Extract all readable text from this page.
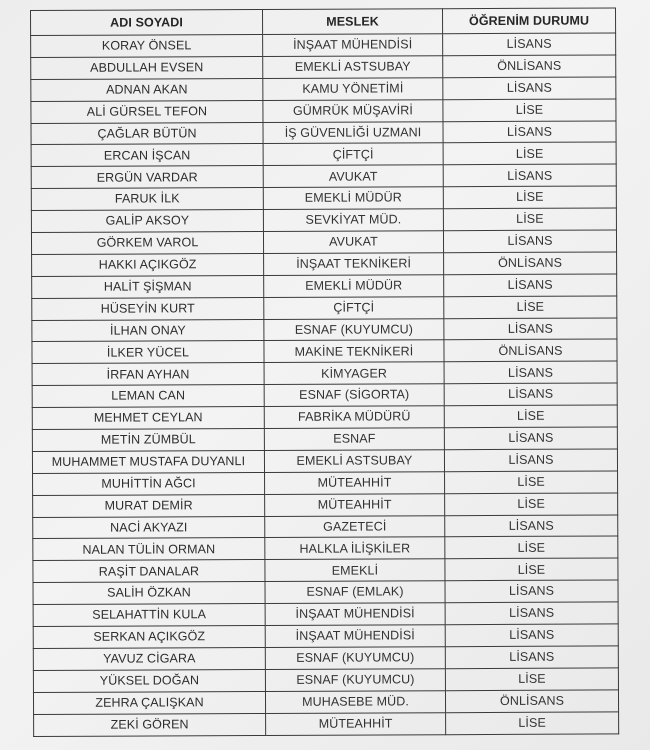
ADI SOYADI	MESLEK	ÖĞRENİM DURUMU
KORAY ÖNSEL	İNŞAAT MÜHENDİSİ	LİSANS
ABDULLAH EVSEN	EMEKLİ ASTSUBAY	ÖNLİSANS
ADNAN AKAN	KAMU YÖNETİMİ	LİSANS
ALİ GÜRSEL TEFON	GÜMRÜK MÜŞAVİRİ	LİSE
ÇAĞLAR BÜTÜN	İŞ GÜVENLİĞİ UZMANI	LİSANS
ERCAN İŞCAN	ÇİFTÇİ	LİSE
ERGÜN VARDAR	AVUKAT	LİSANS
FARUK İLK	EMEKLİ MÜDÜR	LİSE
GALİP AKSOY	SEVKİYAT MÜD.	LİSE
GÖRKEM VAROL	AVUKAT	LİSANS
HAKKI AÇIKGÖZ	İNŞAAT TEKNİKERİ	ÖNLİSANS
HALİT ŞİŞMAN	EMEKLİ MÜDÜR	LİSANS
HÜSEYİN KURT	ÇİFTÇİ	LİSE
İLHAN ONAY	ESNAF (KUYUMCU)	LİSANS
İLKER YÜCEL	MAKİNE TEKNİKERİ	ÖNLİSANS
İRFAN AYHAN	KİMYAGER	LİSANS
LEMAN CAN	ESNAF (SİGORTA)	LİSANS
MEHMET CEYLAN	FABRİKA MÜDÜRÜ	LİSE
METİN ZÜMBÜL	ESNAF	LİSANS
MUHAMMET MUSTAFA DUYANLI	EMEKLİ ASTSUBAY	LİSANS
MUHİTTİN AĞCI	MÜTEAHHİT	LİSE
MURAT DEMİR	MÜTEAHHİT	LİSE
NACİ AKYAZI	GAZETECİ	LİSANS
NALAN TÜLİN ORMAN	HALKLA İLİŞKİLER	LİSE
RAŞİT DANALAR	EMEKLİ	LİSE
SALİH ÖZKAN	ESNAF (EMLAK)	LİSANS
SELAHATTİN KULA	İNŞAAT MÜHENDİSİ	LİSANS
SERKAN AÇIKGÖZ	İNŞAAT MÜHENDİSİ	LİSANS
YAVUZ CİGARA	ESNAF (KUYUMCU)	LİSANS
YÜKSEL DOĞAN	ESNAF (KUYUMCU)	LİSE
ZEHRA ÇALIŞKAN	MUHASEBE MÜD.	ÖNLİSANS
ZEKİ GÖREN	MÜTEAHHİT	LİSE
